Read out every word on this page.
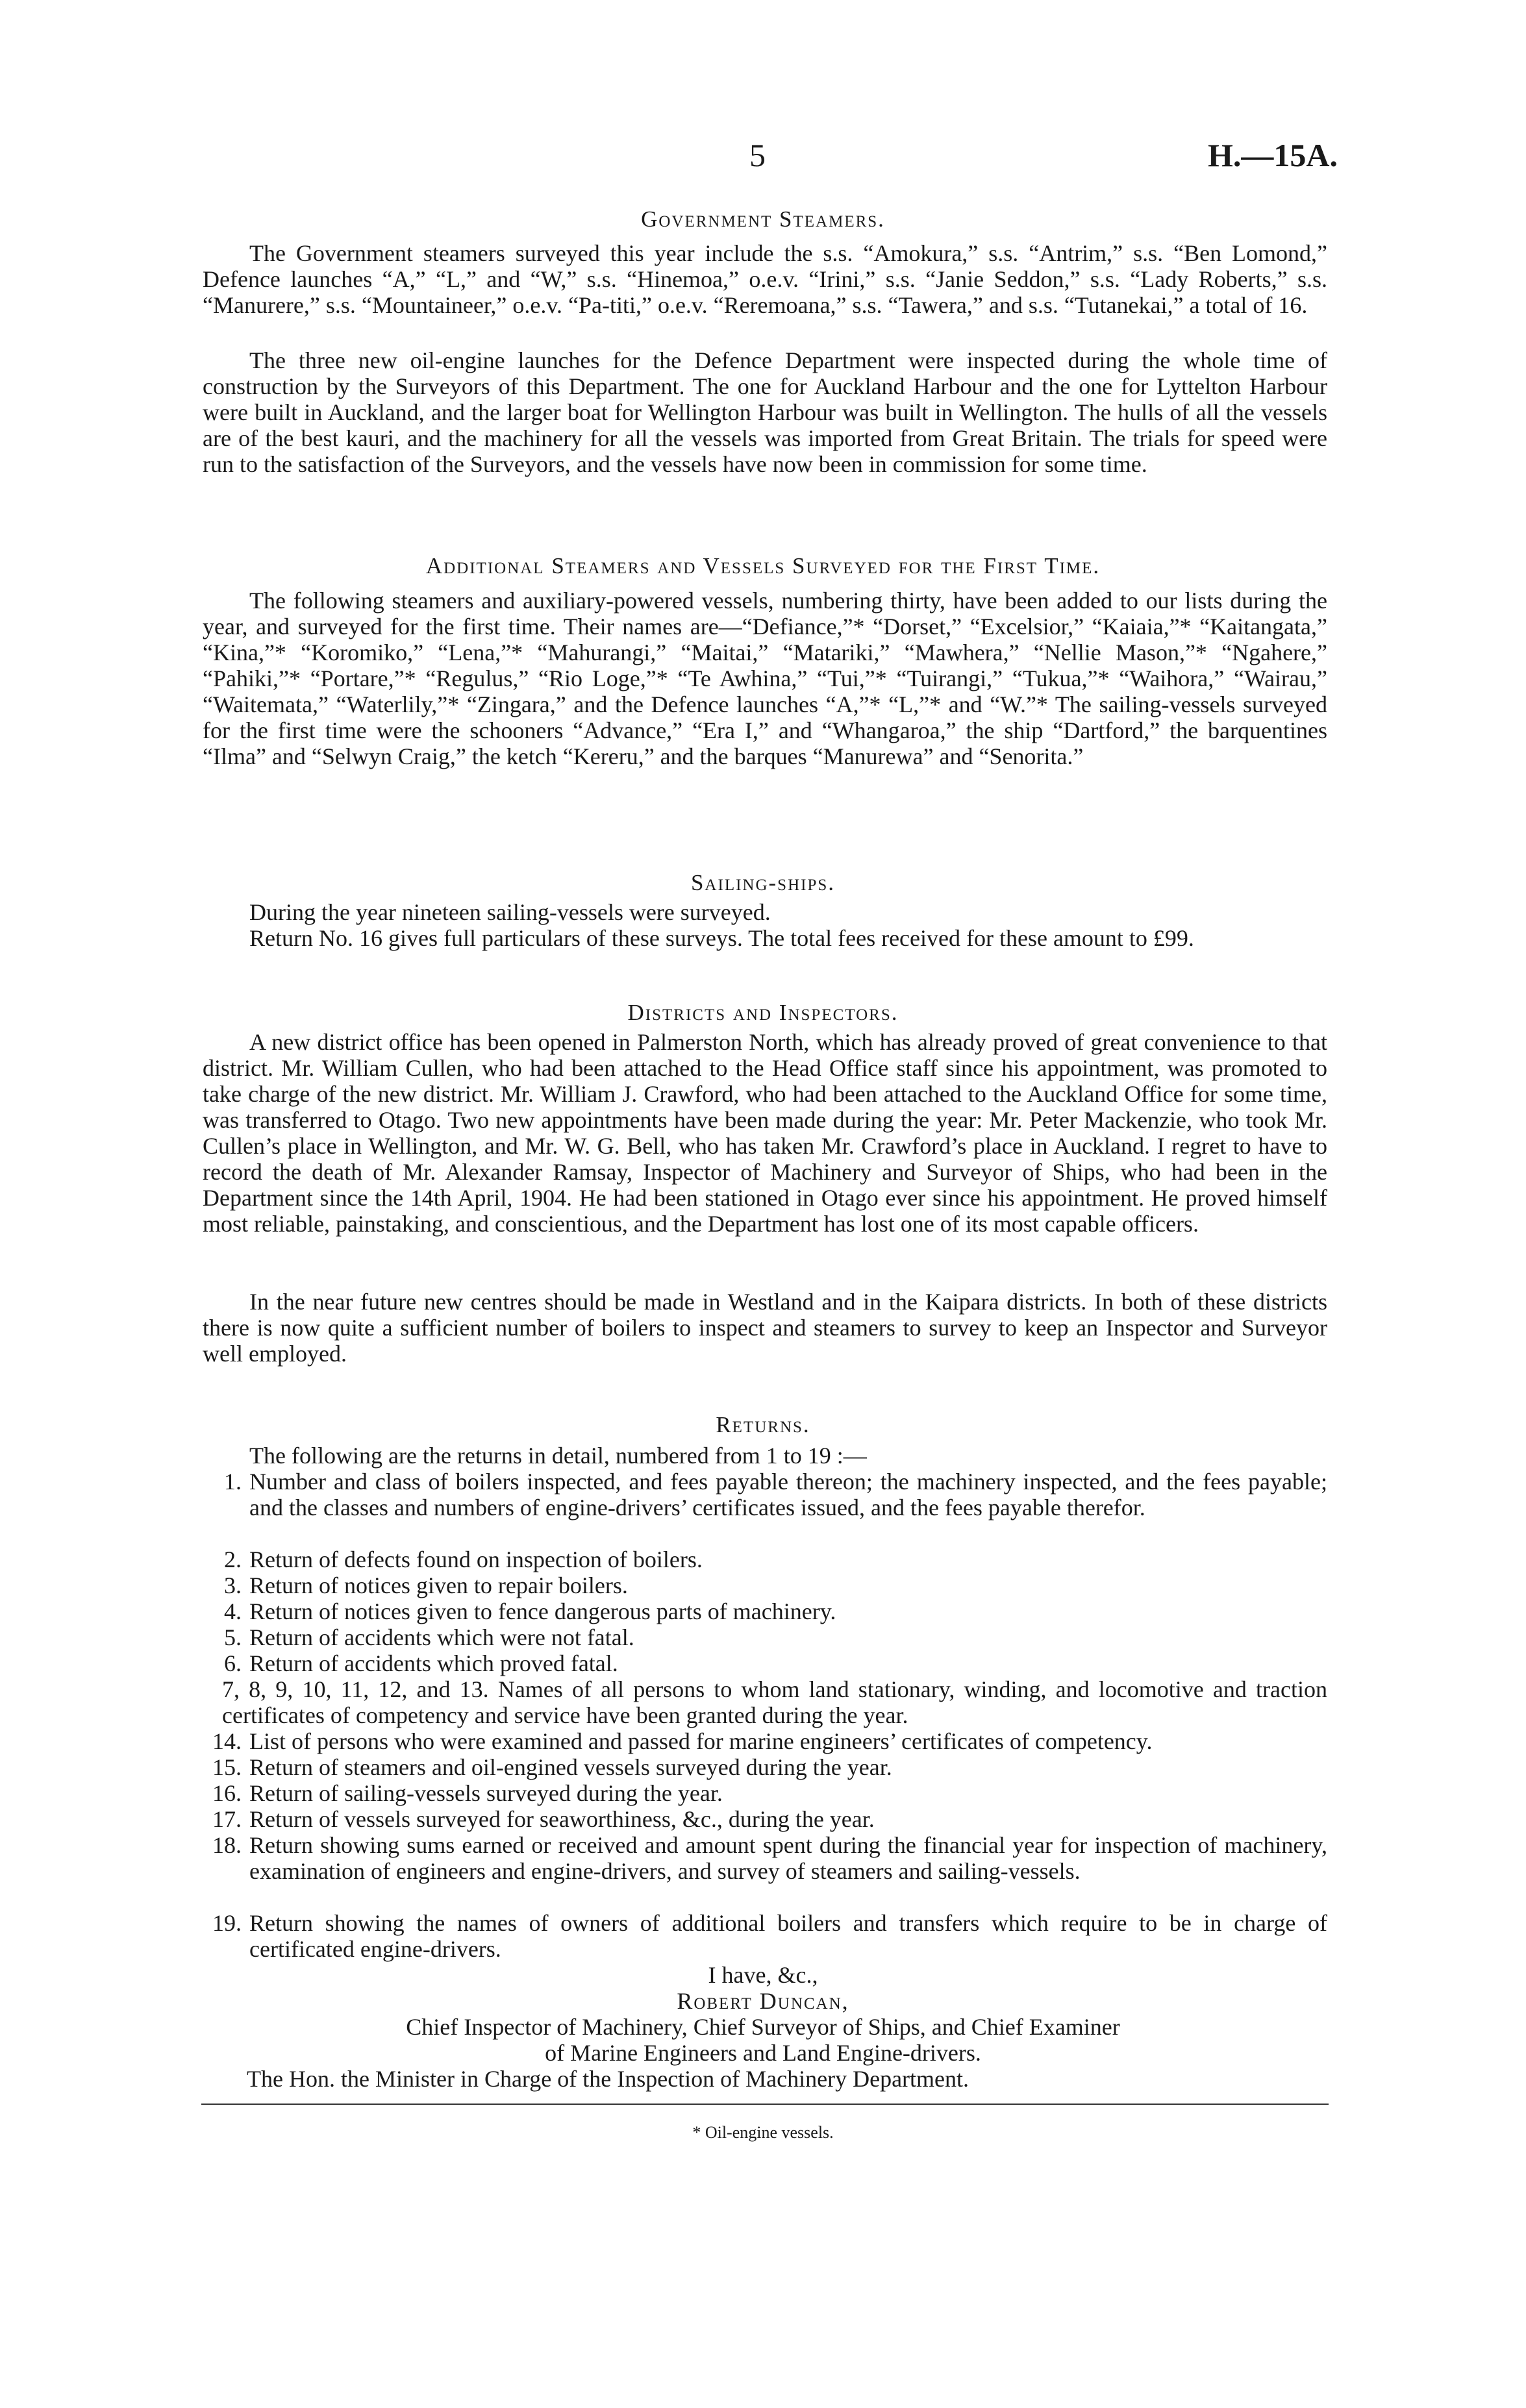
5	H.—15A.
Government Steamers.
The Government steamers surveyed this year include the s.s. “Amokura,” s.s. “Antrim,” s.s. “Ben Lomond,” Defence launches “A,” “L,” and “W,” s.s. “Hinemoa,” o.e.v. “Irini,” s.s. “Janie Seddon,” s.s. “Lady Roberts,” s.s. “Manurere,” s.s. “Mountaineer,” o.e.v. “Pa-titi,” o.e.v. “Reremoana,” s.s. “Tawera,” and s.s. “Tutanekai,” a total of 16.
The three new oil-engine launches for the Defence Department were inspected during the whole time of construction by the Surveyors of this Department. The one for Auckland Harbour and the one for Lyttelton Harbour were built in Auckland, and the larger boat for Wellington Harbour was built in Wellington. The hulls of all the vessels are of the best kauri, and the machinery for all the vessels was imported from Great Britain. The trials for speed were run to the satisfaction of the Surveyors, and the vessels have now been in commission for some time.
Additional Steamers and Vessels Surveyed for the First Time.
The following steamers and auxiliary-powered vessels, numbering thirty, have been added to our lists during the year, and surveyed for the first time. Their names are—“Defiance,”* “Dorset,” “Excelsior,” “Kaiaia,”* “Kaitangata,” “Kina,”* “Koromiko,” “Lena,”* “Mahurangi,” “Maitai,” “Matariki,” “Mawhera,” “Nellie Mason,”* “Ngahere,” “Pahiki,”* “Portare,”* “Regulus,” “Rio Loge,”* “Te Awhina,” “Tui,”* “Tuirangi,” “Tukua,”* “Waihora,” “Wairau,” “Waitemata,” “Waterlily,”* “Zingara,” and the Defence launches “A,”* “L,”* and “W.”* The sailing-vessels surveyed for the first time were the schooners “Advance,” “Era I,” and “Whangaroa,” the ship “Dartford,” the barquentines “Ilma” and “Selwyn Craig,” the ketch “Kereru,” and the barques “Manurewa” and “Senorita.”
Sailing-ships.
During the year nineteen sailing-vessels were surveyed.
Return No. 16 gives full particulars of these surveys. The total fees received for these amount to £99.
Districts and Inspectors.
A new district office has been opened in Palmerston North, which has already proved of great convenience to that district. Mr. William Cullen, who had been attached to the Head Office staff since his appointment, was promoted to take charge of the new district. Mr. William J. Crawford, who had been attached to the Auckland Office for some time, was transferred to Otago. Two new appointments have been made during the year: Mr. Peter Mackenzie, who took Mr. Cullen’s place in Wellington, and Mr. W. G. Bell, who has taken Mr. Crawford’s place in Auckland. I regret to have to record the death of Mr. Alexander Ramsay, Inspector of Machinery and Surveyor of Ships, who had been in the Department since the 14th April, 1904. He had been stationed in Otago ever since his appointment. He proved himself most reliable, painstaking, and conscientious, and the Department has lost one of its most capable officers.
In the near future new centres should be made in Westland and in the Kaipara districts. In both of these districts there is now quite a sufficient number of boilers to inspect and steamers to survey to keep an Inspector and Surveyor well employed.
Returns.
The following are the returns in detail, numbered from 1 to 19 :—
1. Number and class of boilers inspected, and fees payable thereon; the machinery inspected, and the fees payable; and the classes and numbers of engine-drivers’ certificates issued, and the fees payable therefor.
2. Return of defects found on inspection of boilers.
3. Return of notices given to repair boilers.
4. Return of notices given to fence dangerous parts of machinery.
5. Return of accidents which were not fatal.
6. Return of accidents which proved fatal.
7, 8, 9, 10, 11, 12, and 13. Names of all persons to whom land stationary, winding, and locomotive and traction certificates of competency and service have been granted during the year.
14. List of persons who were examined and passed for marine engineers’ certificates of competency.
15. Return of steamers and oil-engined vessels surveyed during the year.
16. Return of sailing-vessels surveyed during the year.
17. Return of vessels surveyed for seaworthiness, &c., during the year.
18. Return showing sums earned or received and amount spent during the financial year for inspection of machinery, examination of engineers and engine-drivers, and survey of steamers and sailing-vessels.
19. Return showing the names of owners of additional boilers and transfers which require to be in charge of certificated engine-drivers.
I have, &c.,
Robert Duncan,
Chief Inspector of Machinery, Chief Surveyor of Ships, and Chief Examiner
of Marine Engineers and Land Engine-drivers.
The Hon. the Minister in Charge of the Inspection of Machinery Department.
* Oil-engine vessels.
